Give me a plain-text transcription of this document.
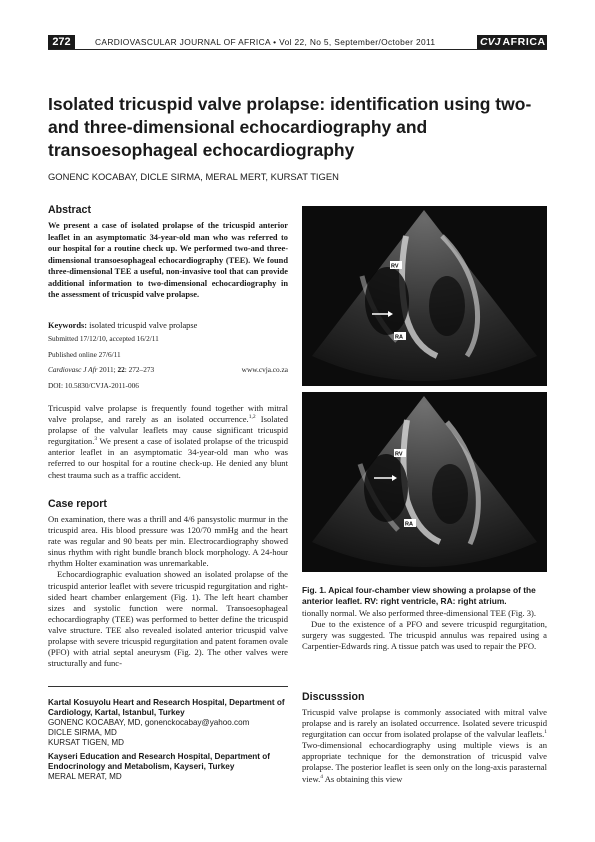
272	CARDIOVASCULAR JOURNAL OF AFRICA • Vol 22, No 5, September/October 2011	CVJ AFRICA
Isolated tricuspid valve prolapse: identification using two- and three-dimensional echocardiography and transoesophageal echocardiography

GONENC KOCABAY, DICLE SIRMA, MERAL MERT, KURSAT TIGEN

Abstract

We present a case of isolated prolapse of the tricuspid anterior leaflet in an asymptomatic 34-year-old man who was referred to our hospital for a routine check up. We performed two-and three-dimensional transoesophageal echocardiography (TEE). We found three-dimensional TEE a useful, non-invasive tool that can provide additional information to two-dimensional echocardiography in the assessment of tricuspid valve prolapse.

Keywords: isolated tricuspid valve prolapse

Submitted 17/12/10, accepted 16/2/11
Published online 27/6/11
Cardiovasc J Afr 2011; 22: 272–273	www.cvja.co.za
DOI: 10.5830/CVJA-2011-006

Tricuspid valve prolapse is frequently found together with mitral valve prolapse, and rarely as an isolated occurrence.$^{1,2}$ Isolated prolapse of the valvular leaflets may cause significant tricuspid regurgitation.$^3$ We present a case of isolated prolapse of the tricuspid anterior leaflet in an asymptomatic 34-year-old man who was referred to our hospital for a routine check-up. He denied any blunt chest trauma such as a traffic accident.

Case report

On examination, there was a thrill and 4/6 pansystolic murmur in the tricuspid area. His blood pressure was 120/70 mmHg and the heart rate was regular and 90 beats per min. Electrocardiography showed sinus rhythm with right bundle branch block morphology. A 24-hour rhythm Holter examination was unremarkable.

Echocardiographic evaluation showed an isolated prolapse of the tricuspid anterior leaflet with severe tricuspid regurgitation and right-sided heart chamber enlargement (Fig. 1). The left heart chamber sizes and systolic function were normal. Transoesophageal echocardiography (TEE) was performed to better define the tricuspid valve structure. TEE also revealed isolated anterior tricuspid valve prolapse with severe tricuspid regurgitation and patent foramen ovale (PFO) with atrial septal aneurysm (Fig. 2). The other valves were structurally and func-

Kartal Kosuyolu Heart and Research Hospital, Department of Cardiology, Kartal, Istanbul, Turkey

GONENC KOCABAY, MD, gonenckocabay@yahoo.com

DICLE SIRMA, MD

KURSAT TIGEN, MD

Kayseri Education and Research Hospital, Department of Endocrinology and Metabolism, Kayseri, Turkey

MERAL MERAT, MD

RV
RA
RV
RA

Fig. 1. Apical four-chamber view showing a prolapse of the anterior leaflet. RV: right ventricle, RA: right atrium.

tionally normal. We also performed three-dimensional TEE (Fig. 3).

Due to the existence of a PFO and severe tricuspid regurgitation, surgery was suggested. The tricuspid annulus was repaired using a Carpentier-Edwards ring. A tissue patch was used to repair the PFO.

Discusssion

Tricuspid valve prolapse is commonly associated with mitral valve prolapse and is rarely an isolated occurrence. Isolated severe tricuspid regurgitation can occur from isolated prolapse of the valvular leaflets.$^1$ Two-dimensional echocardiography using multiple views is an appropriate technique for the demonstration of tricuspid valve prolapse. The posterior leaflet is seen only on the long-axis parasternal view.$^4$ As obtaining this view
